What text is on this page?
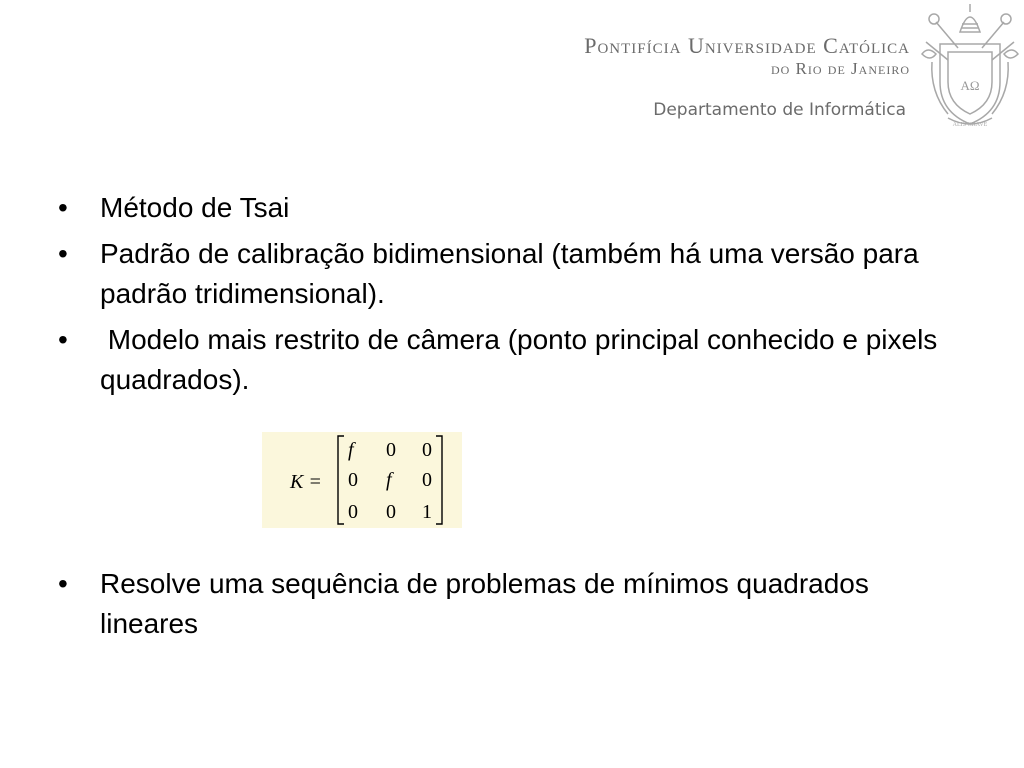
Pontifícia Universidade Católica
do Rio de Janeiro
Departamento de Informática
ΑΩ
ALIS GRAVE
• Método de Tsai
• Padrão de calibração bidimensional (também há uma versão para padrão tridimensional).
• Modelo mais restrito de câmera (ponto principal conhecido e pixels quadrados).
K =
f 0 0
0 f 0
0 0 1
• Resolve uma sequência de problemas de mínimos quadrados lineares
